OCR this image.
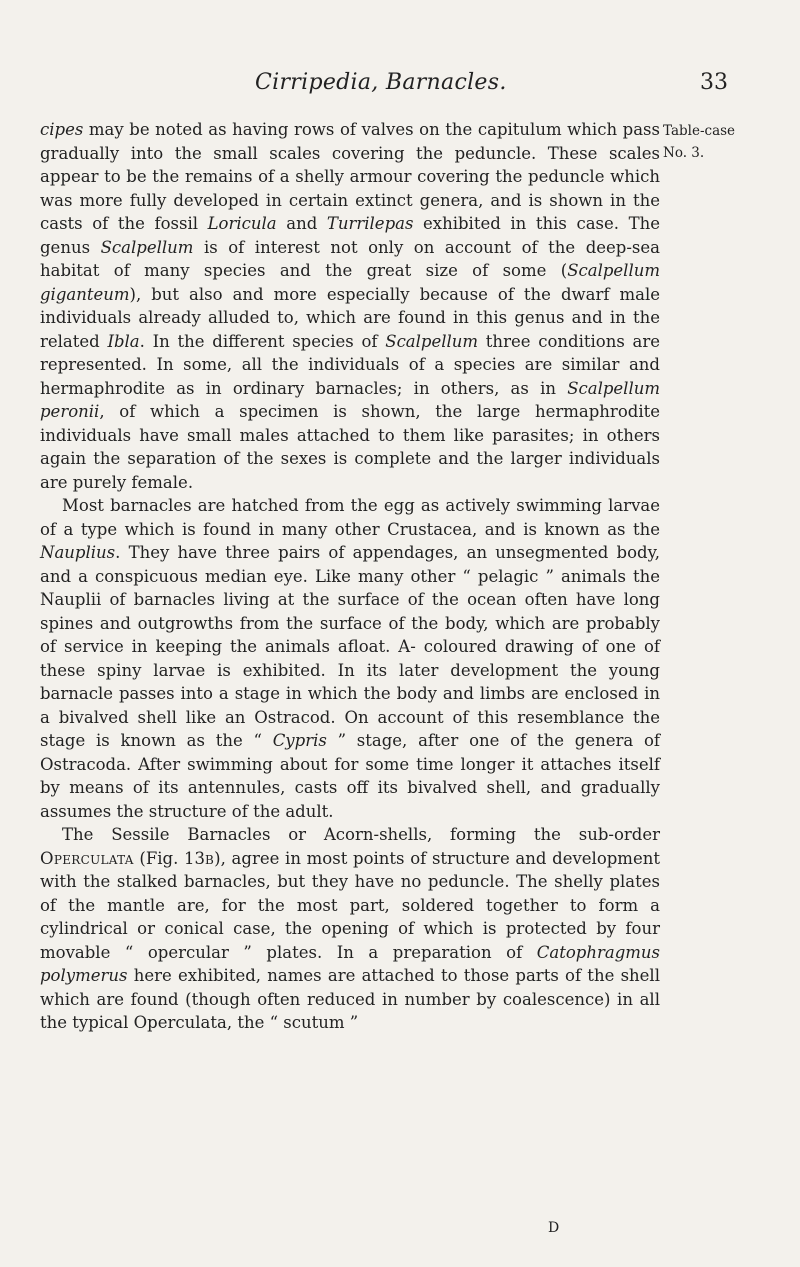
Cirripedia, Barnacles.	33
Table-case
No. 3.

cipes may be noted as having rows of valves on the capitulum which pass gradually into the small scales covering the peduncle. These scales appear to be the remains of a shelly armour covering the peduncle which was more fully developed in certain extinct genera, and is shown in the casts of the fossil Loricula and Turrilepas exhibited in this case. The genus Scalpellum is of interest not only on account of the deep-sea habitat of many species and the great size of some (Scalpellum giganteum), but also and more especially because of the dwarf male individuals already alluded to, which are found in this genus and in the related Ibla. In the different species of Scalpellum three conditions are represented. In some, all the individuals of a species are similar and hermaphrodite as in ordinary barnacles; in others, as in Scalpellum peronii, of which a specimen is shown, the large hermaphrodite individuals have small males attached to them like parasites; in others again the separation of the sexes is complete and the larger individuals are purely female.

Most barnacles are hatched from the egg as actively swimming larvae of a type which is found in many other Crustacea, and is known as the Nauplius. They have three pairs of appendages, an unsegmented body, and a conspicuous median eye. Like many other “ pelagic ” animals the Nauplii of barnacles living at the surface of the ocean often have long spines and outgrowths from the surface of the body, which are probably of service in keeping the animals afloat. A- coloured drawing of one of these spiny larvae is exhibited. In its later development the young barnacle passes into a stage in which the body and limbs are enclosed in a bivalved shell like an Ostracod. On account of this resemblance the stage is known as the “ Cypris ” stage, after one of the genera of Ostracoda. After swimming about for some time longer it attaches itself by means of its antennules, casts off its bivalved shell, and gradually assumes the structure of the adult.

The Sessile Barnacles or Acorn-shells, forming the sub-order Operculata (Fig. 13b), agree in most points of structure and development with the stalked barnacles, but they have no peduncle. The shelly plates of the mantle are, for the most part, soldered together to form a cylindrical or conical case, the opening of which is protected by four movable “ opercular ” plates. In a preparation of Catophragmus polymerus here exhibited, names are attached to those parts of the shell which are found (though often reduced in number by coalescence) in all the typical Operculata, the “ scutum ”

D
